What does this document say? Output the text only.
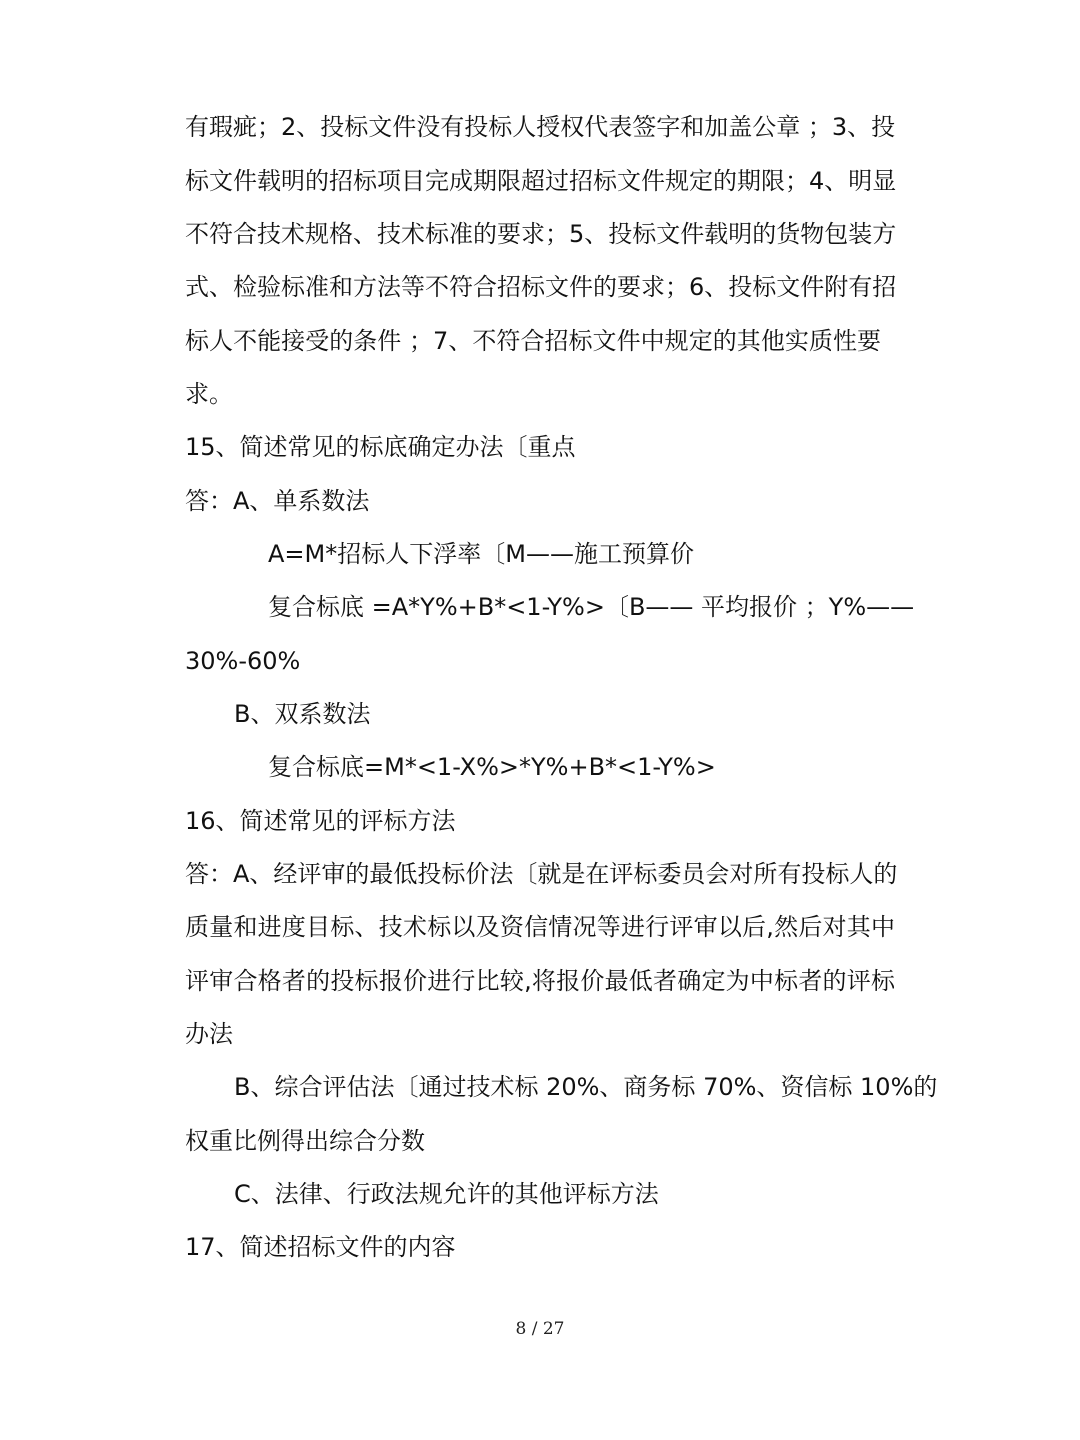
有瑕疵；2、投标文件没有投标人授权代表签字和加盖公章 ；3、投
标文件载明的招标项目完成期限超过招标文件规定的期限；4、明显
不符合技术规格、技术标准的要求；5、投标文件载明的货物包装方
式、检验标准和方法等不符合招标文件的要求；6、投标文件附有招
标人不能接受的条件 ；7、不符合招标文件中规定的其他实质性要
求。
15、简述常见的标底确定办法〔重点
答：A、单系数法
A=M*招标人下浮率〔M——施工预算价
复合标底 =A*Y%+B*<1-Y%>〔B—— 平均报价 ；Y%——
30%-60%
B、双系数法
复合标底=M*<1-X%>*Y%+B*<1-Y%>
16、简述常见的评标方法
答：A、经评审的最低投标价法〔就是在评标委员会对所有投标人的
质量和进度目标、技术标以及资信情况等进行评审以后,然后对其中
评审合格者的投标报价进行比较,将报价最低者确定为中标者的评标
办法
B、综合评估法〔通过技术标 20%、商务标 70%、资信标 10%的
权重比例得出综合分数
C、法律、行政法规允许的其他评标方法
17、简述招标文件的内容
8 / 27
